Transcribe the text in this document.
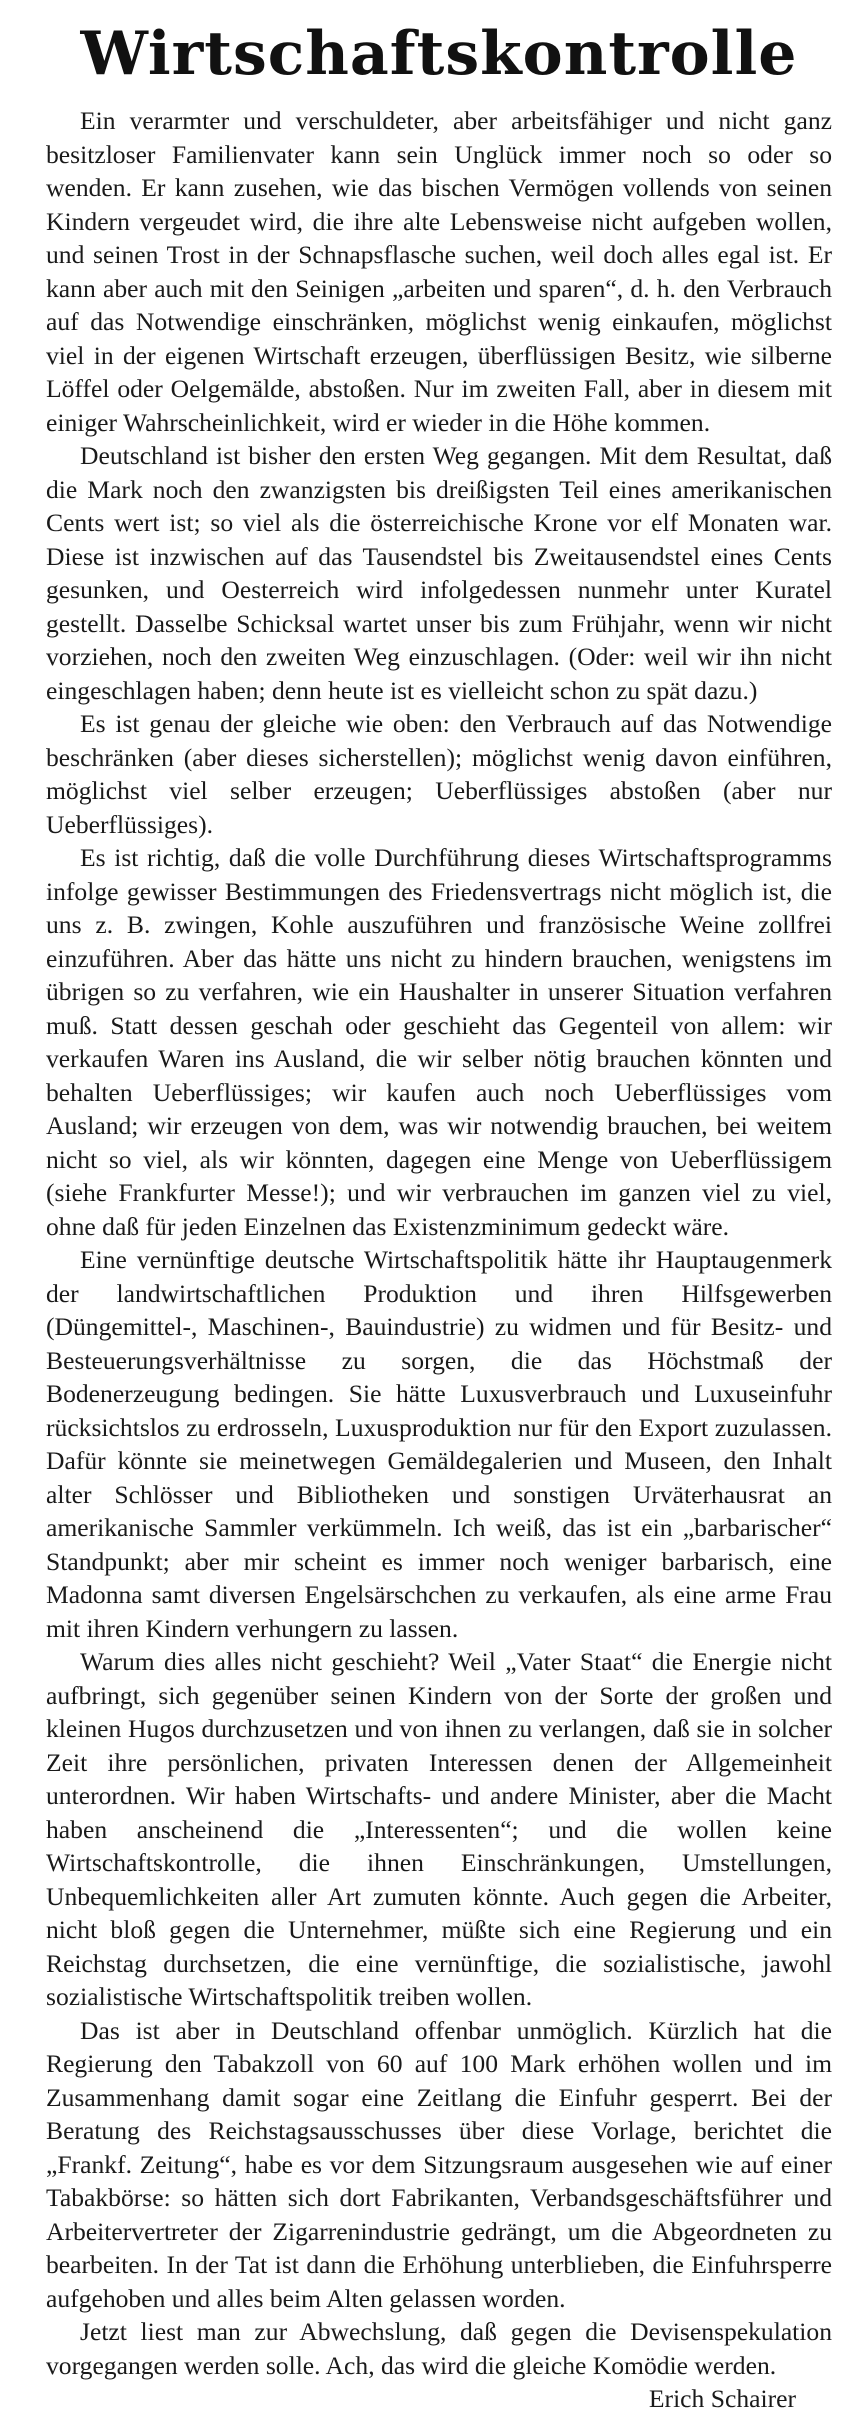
Wirtschaftskontrolle

Ein verarmter und verschuldeter, aber arbeitsfähiger und nicht ganz besitzloser Familienvater kann sein Unglück immer noch so oder so wenden. Er kann zusehen, wie das bischen Vermögen vollends von seinen Kindern vergeudet wird, die ihre alte Lebensweise nicht aufgeben wollen, und seinen Trost in der Schnapsflasche suchen, weil doch alles egal ist. Er kann aber auch mit den Seinigen „arbeiten und sparen“, d. h. den Verbrauch auf das Notwendige einschränken, möglichst wenig einkaufen, möglichst viel in der eigenen Wirtschaft erzeugen, überflüssigen Besitz, wie silberne Löffel oder Oelgemälde, abstoßen. Nur im zweiten Fall, aber in diesem mit einiger Wahrscheinlichkeit, wird er wieder in die Höhe kommen.

Deutschland ist bisher den ersten Weg gegangen. Mit dem Resultat, daß die Mark noch den zwanzigsten bis dreißigsten Teil eines amerikanischen Cents wert ist; so viel als die österreichische Krone vor elf Monaten war. Diese ist inzwischen auf das Tausendstel bis Zweitausendstel eines Cents gesunken, und Oesterreich wird infolgedessen nunmehr unter Kuratel gestellt. Dasselbe Schicksal wartet unser bis zum Frühjahr, wenn wir nicht vorziehen, noch den zweiten Weg einzuschlagen. (Oder: weil wir ihn nicht eingeschlagen haben; denn heute ist es vielleicht schon zu spät dazu.)

Es ist genau der gleiche wie oben: den Verbrauch auf das Notwendige beschränken (aber dieses sicherstellen); möglichst wenig davon einführen, möglichst viel selber erzeugen; Ueberflüssiges abstoßen (aber nur Ueberflüssiges).

Es ist richtig, daß die volle Durchführung dieses Wirtschaftsprogramms infolge gewisser Bestimmungen des Friedensvertrags nicht möglich ist, die uns z. B. zwingen, Kohle auszuführen und französische Weine zollfrei einzuführen. Aber das hätte uns nicht zu hindern brauchen, wenigstens im übrigen so zu verfahren, wie ein Haushalter in unserer Situation verfahren muß. Statt dessen geschah oder geschieht das Gegenteil von allem: wir verkaufen Waren ins Ausland, die wir selber nötig brauchen könnten und behalten Ueberflüssiges; wir kaufen auch noch Ueberflüssiges vom Ausland; wir erzeugen von dem, was wir notwendig brauchen, bei weitem nicht so viel, als wir könnten, dagegen eine Menge von Ueberflüssigem (siehe Frankfurter Messe!); und wir verbrauchen im ganzen viel zu viel, ohne daß für jeden Einzelnen das Existenzminimum gedeckt wäre.

Eine vernünftige deutsche Wirtschaftspolitik hätte ihr Hauptaugenmerk der landwirtschaftlichen Produktion und ihren Hilfsgewerben (Düngemittel-, Maschinen-, Bauindustrie) zu widmen und für Besitz- und Besteuerungsverhältnisse zu sorgen, die das Höchstmaß der Bodenerzeugung bedingen. Sie hätte Luxusverbrauch und Luxuseinfuhr rücksichtslos zu erdrosseln, Luxusproduktion nur für den Export zuzulassen. Dafür könnte sie meinetwegen Gemäldegalerien und Museen, den Inhalt alter Schlösser und Bibliotheken und sonstigen Urväterhausrat an amerikanische Sammler verkümmeln. Ich weiß, das ist ein „barbarischer“ Standpunkt; aber mir scheint es immer noch weniger barbarisch, eine Madonna samt diversen Engelsärschchen zu verkaufen, als eine arme Frau mit ihren Kindern verhungern zu lassen.

Warum dies alles nicht geschieht? Weil „Vater Staat“ die Energie nicht aufbringt, sich gegenüber seinen Kindern von der Sorte der großen und kleinen Hugos durchzusetzen und von ihnen zu verlangen, daß sie in solcher Zeit ihre persönlichen, privaten Interessen denen der Allgemeinheit unterordnen. Wir haben Wirtschafts- und andere Minister, aber die Macht haben anscheinend die „Interessenten“; und die wollen keine Wirtschaftskontrolle, die ihnen Einschränkungen, Umstellungen, Unbequemlichkeiten aller Art zumuten könnte. Auch gegen die Arbeiter, nicht bloß gegen die Unternehmer, müßte sich eine Regierung und ein Reichstag durchsetzen, die eine vernünftige, die sozialistische, jawohl sozialistische Wirtschaftspolitik treiben wollen.

Das ist aber in Deutschland offenbar unmöglich. Kürzlich hat die Regierung den Tabakzoll von 60 auf 100 Mark erhöhen wollen und im Zusammenhang damit sogar eine Zeitlang die Einfuhr gesperrt. Bei der Beratung des Reichstagsausschusses über diese Vorlage, berichtet die „Frankf. Zeitung“, habe es vor dem Sitzungsraum ausgesehen wie auf einer Tabakbörse: so hätten sich dort Fabrikanten, Verbandsgeschäftsführer und Arbeitervertreter der Zigarrenindustrie gedrängt, um die Abgeordneten zu bearbeiten. In der Tat ist dann die Erhöhung unterblieben, die Einfuhrsperre aufgehoben und alles beim Alten gelassen worden.

Jetzt liest man zur Abwechslung, daß gegen die Devisenspekulation vorgegangen werden solle. Ach, das wird die gleiche Komödie werden.

Erich Schairer
